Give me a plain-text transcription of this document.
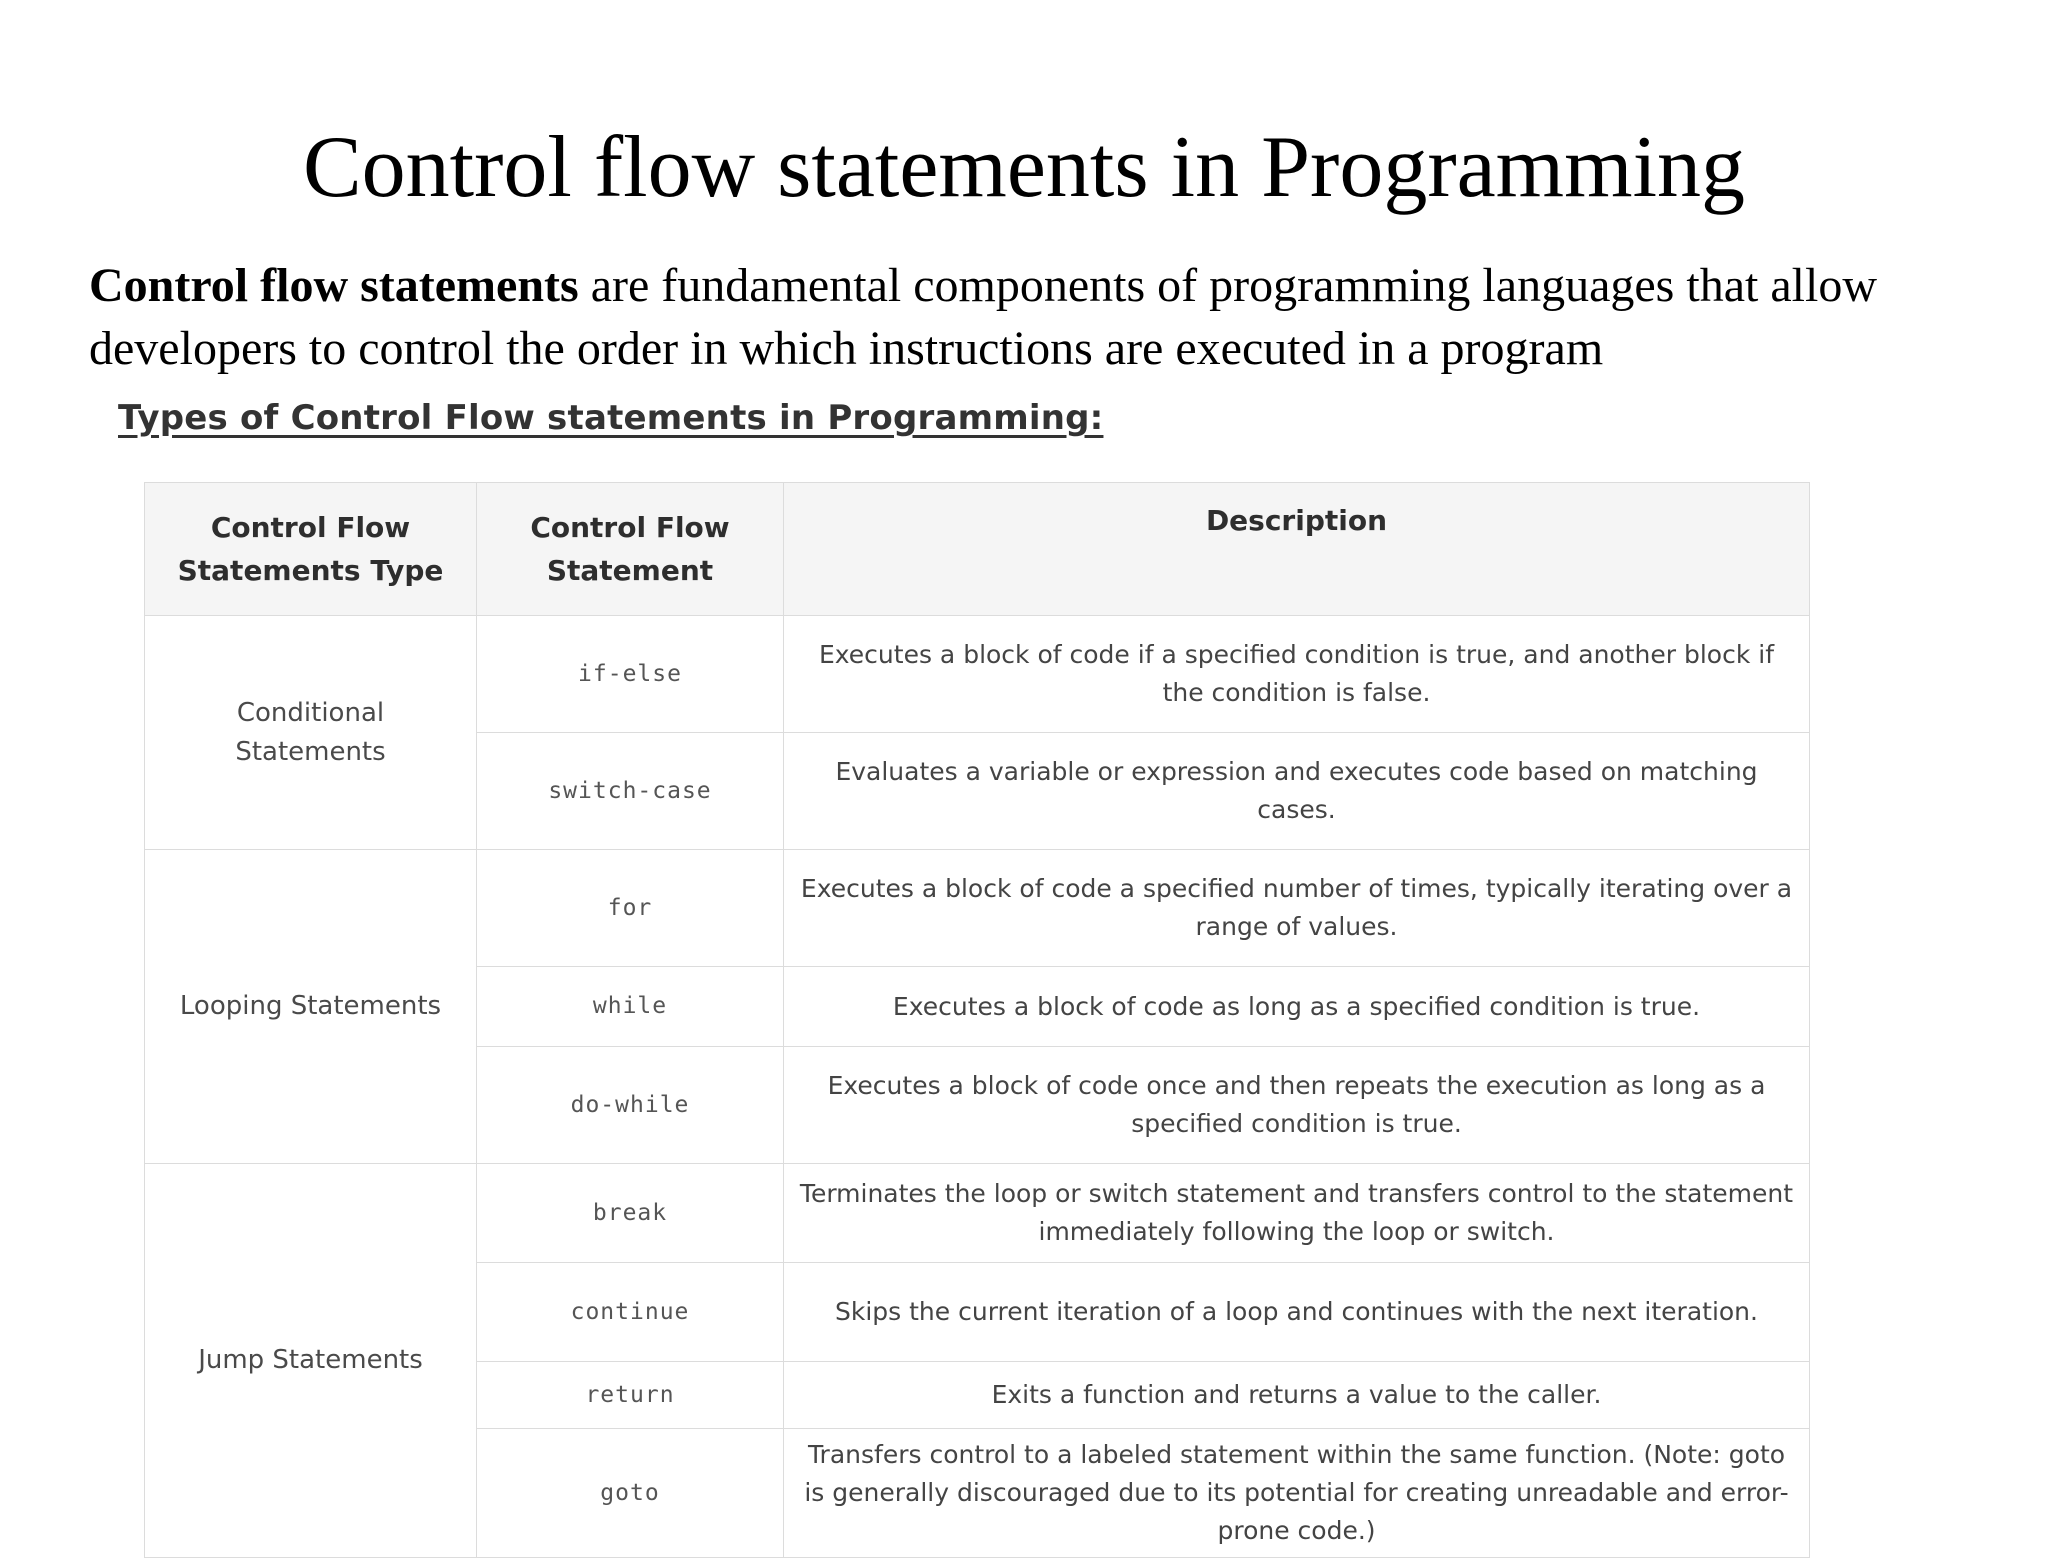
Control flow statements in Programming

Control flow statements are fundamental components of programming languages that allow developers to control the order in which instructions are executed in a program

Types of Control Flow statements in Programming:
Control Flow Statements Type	Control Flow Statement	Description
Conditional Statements	if-else	Executes a block of code if a specified condition is true, and another block if the condition is false.
	switch-case	Evaluates a variable or expression and executes code based on matching cases.
Looping Statements	for	Executes a block of code a specified number of times, typically iterating over a range of values.
	while	Executes a block of code as long as a specified condition is true.
	do-while	Executes a block of code once and then repeats the execution as long as a specified condition is true.
Jump Statements	break	Terminates the loop or switch statement and transfers control to the statement immediately following the loop or switch.
	continue	Skips the current iteration of a loop and continues with the next iteration.
	return	Exits a function and returns a value to the caller.
	goto	Transfers control to a labeled statement within the same function. (Note: goto is generally discouraged due to its potential for creating unreadable and error-prone code.)
